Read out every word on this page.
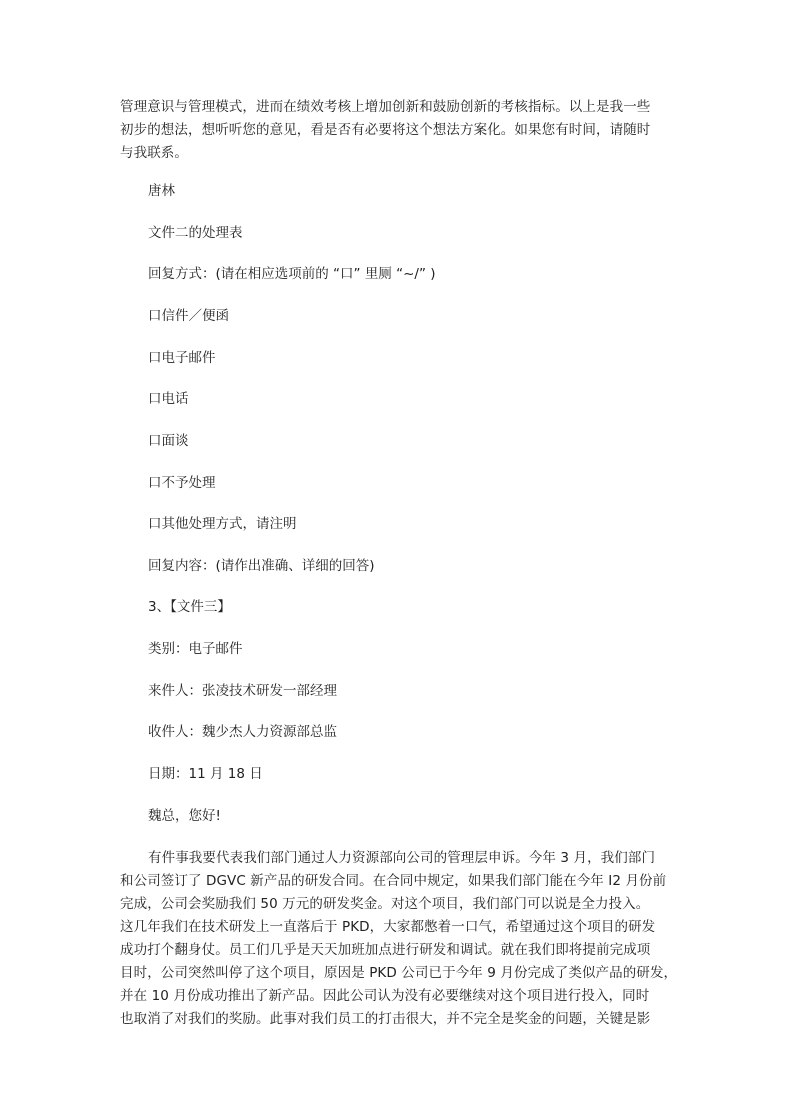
管理意识与管理模式，进而在绩效考核上增加创新和鼓励创新的考核指标。以上是我一些
初步的想法，想听听您的意见，看是否有必要将这个想法方案化。如果您有时间，请随时
与我联系。
唐林
文件二的处理表
回复方式：(请在相应选项前的 “口” 里厕 “~/” )
口信件／便函
口电子邮件
口电话
口面谈
口不予处理
口其他处理方式，请注明
回复内容：(请作出准确、详细的回答)
3、【文件三】
类别：电子邮件
来件人：张凌技术研发一部经理
收件人：魏少杰人力资源部总监
日期：11 月 18 日
魏总，您好!
有件事我要代表我们部门通过人力资源部向公司的管理层申诉。今年 3 月，我们部门
和公司签订了 DGVC 新产品的研发合同。在合同中规定，如果我们部门能在今年 I2 月份前
完成，公司会奖励我们 50 万元的研发奖金。对这个项目，我们部门可以说是全力投入。
这几年我们在技术研发上一直落后于 PKD，大家都憋着一口气，希望通过这个项目的研发
成功打个翻身仗。员工们几乎是天天加班加点进行研发和调试。就在我们即将提前完成项
目时，公司突然叫停了这个项目，原因是 PKD 公司已于今年 9 月份完成了类似产品的研发，
并在 10 月份成功推出了新产品。因此公司认为没有必要继续对这个项目进行投入，同时
也取消了对我们的奖励。此事对我们员工的打击很大，并不完全是奖金的问题，关键是影
